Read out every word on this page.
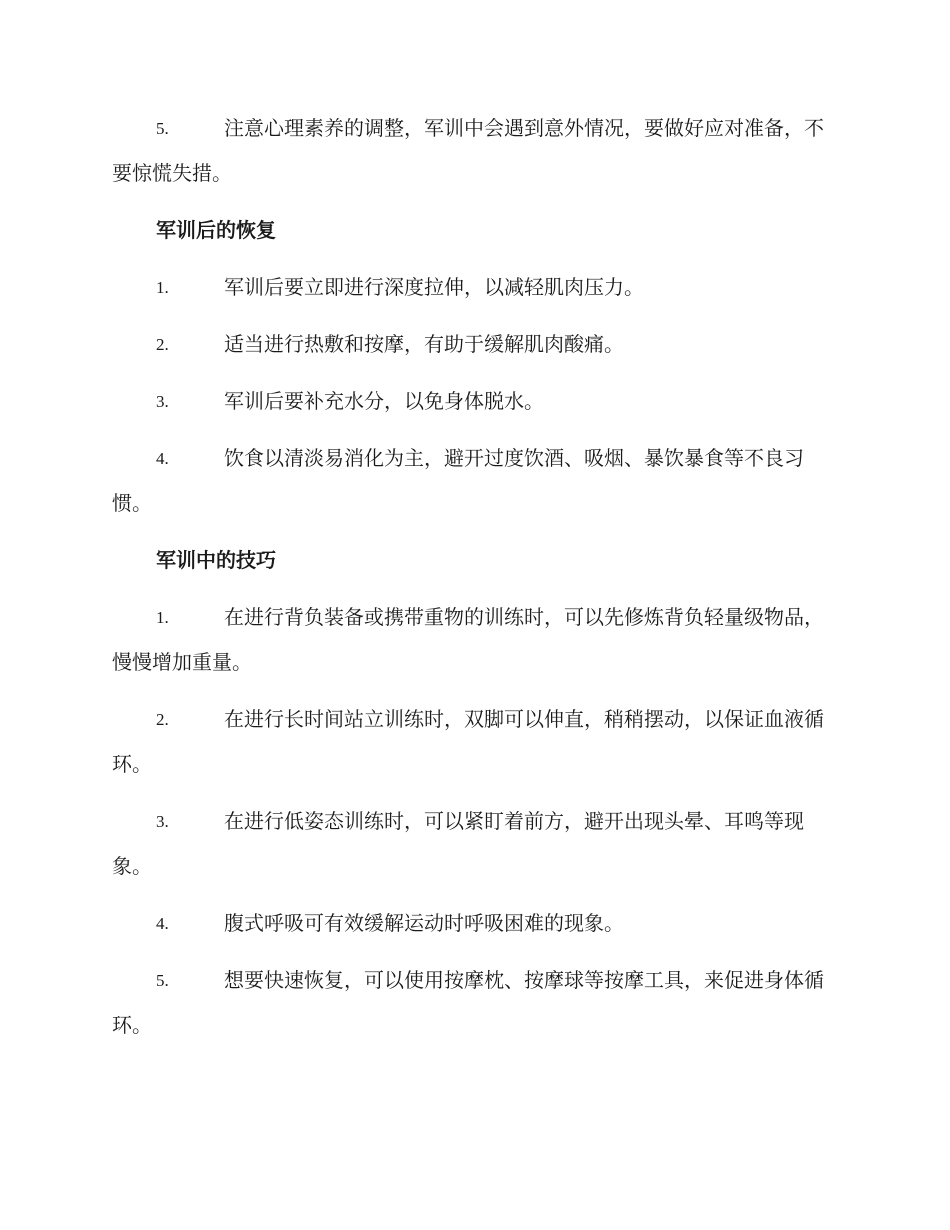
5.	注意心理素养的调整，军训中会遇到意外情况，要做好应对准备，不要惊慌失措。
军训后的恢复
1.	军训后要立即进行深度拉伸，以减轻肌肉压力。
2.	适当进行热敷和按摩，有助于缓解肌肉酸痛。
3.	军训后要补充水分，以免身体脱水。
4.	饮食以清淡易消化为主，避开过度饮酒、吸烟、暴饮暴食等不良习惯。
军训中的技巧
1.	在进行背负装备或携带重物的训练时，可以先修炼背负轻量级物品，慢慢增加重量。
2.	在进行长时间站立训练时，双脚可以伸直，稍稍摆动，以保证血液循环。
3.	在进行低姿态训练时，可以紧盯着前方，避开出现头晕、耳鸣等现象。
4.	腹式呼吸可有效缓解运动时呼吸困难的现象。
5.	想要快速恢复，可以使用按摩枕、按摩球等按摩工具，来促进身体循环。
